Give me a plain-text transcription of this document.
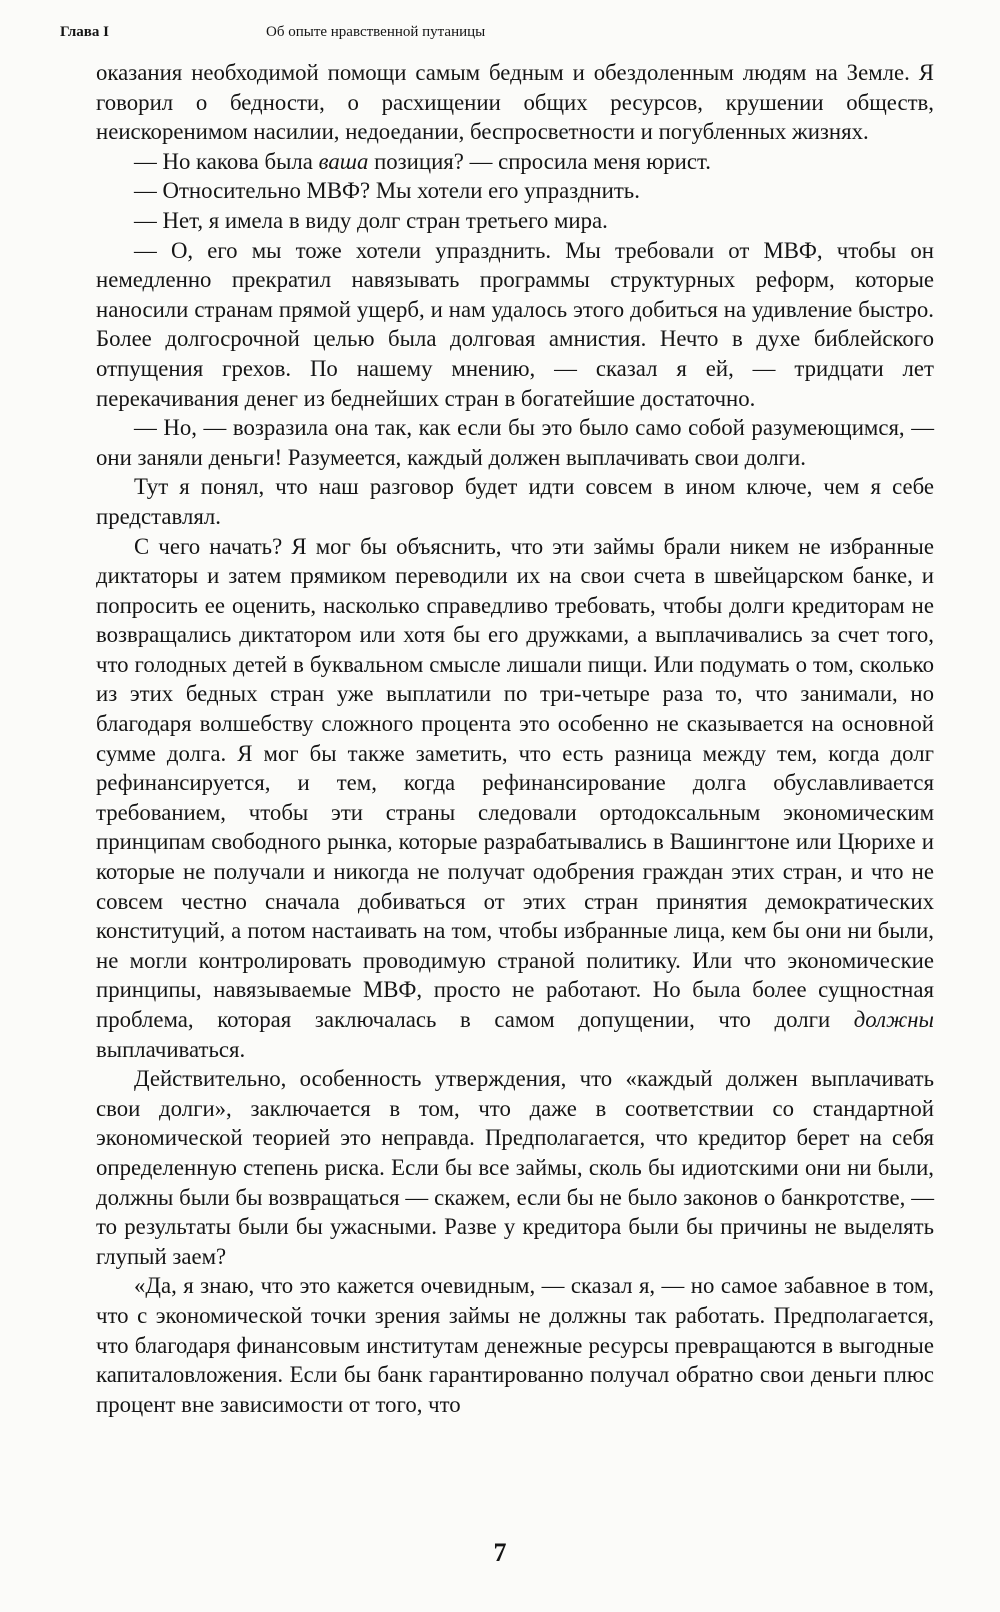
Глава I	Об опыте нравственной путаницы

оказания необходимой помощи самым бедным и обездоленным людям на Земле. Я говорил о бедности, о расхищении общих ресурсов, крушении обществ, неискоренимом насилии, недоедании, беспросветности и погубленных жизнях.

— Но какова была ваша позиция? — спросила меня юрист.

— Относительно МВФ? Мы хотели его упразднить.

— Нет, я имела в виду долг стран третьего мира.

— О, его мы тоже хотели упразднить. Мы требовали от МВФ, чтобы он немедленно прекратил навязывать программы структурных реформ, которые наносили странам прямой ущерб, и нам удалось этого добиться на удивление быстро. Более долгосрочной целью была долговая амнистия. Нечто в духе библейского отпущения грехов. По нашему мнению, — сказал я ей, — тридцати лет перекачивания денег из беднейших стран в богатейшие достаточно.

— Но, — возразила она так, как если бы это было само собой разумеющимся, — они заняли деньги! Разумеется, каждый должен выплачивать свои долги.

Тут я понял, что наш разговор будет идти совсем в ином ключе, чем я себе представлял.

С чего начать? Я мог бы объяснить, что эти займы брали никем не избранные диктаторы и затем прямиком переводили их на свои счета в швейцарском банке, и попросить ее оценить, насколько справедливо требовать, чтобы долги кредиторам не возвращались диктатором или хотя бы его дружками, а выплачивались за счет того, что голодных детей в буквальном смысле лишали пищи. Или подумать о том, сколько из этих бедных стран уже выплатили по три-четыре раза то, что занимали, но благодаря волшебству сложного процента это особенно не сказывается на основной сумме долга. Я мог бы также заметить, что есть разница между тем, когда долг рефинансируется, и тем, когда рефинансирование долга обуславливается требованием, чтобы эти страны следовали ортодоксальным экономическим принципам свободного рынка, которые разрабатывались в Вашингтоне или Цюрихе и которые не получали и никогда не получат одобрения граждан этих стран, и что не совсем честно сначала добиваться от этих стран принятия демократических конституций, а потом настаивать на том, чтобы избранные лица, кем бы они ни были, не могли контролировать проводимую страной политику. Или что экономические принципы, навязываемые МВФ, просто не работают. Но была более сущностная проблема, которая заключалась в самом допущении, что долги должны выплачиваться.

Действительно, особенность утверждения, что «каждый должен выплачивать свои долги», заключается в том, что даже в соответствии со стандартной экономической теорией это неправда. Предполагается, что кредитор берет на себя определенную степень риска. Если бы все займы, сколь бы идиотскими они ни были, должны были бы возвращаться — скажем, если бы не было законов о банкротстве, — то результаты были бы ужасными. Разве у кредитора были бы причины не выделять глупый заем?

«Да, я знаю, что это кажется очевидным, — сказал я, — но самое забавное в том, что с экономической точки зрения займы не должны так работать. Предполагается, что благодаря финансовым институтам денежные ресурсы превращаются в выгодные капиталовложения. Если бы банк гарантированно получал обратно свои деньги плюс процент вне зависимости от того, что

7
